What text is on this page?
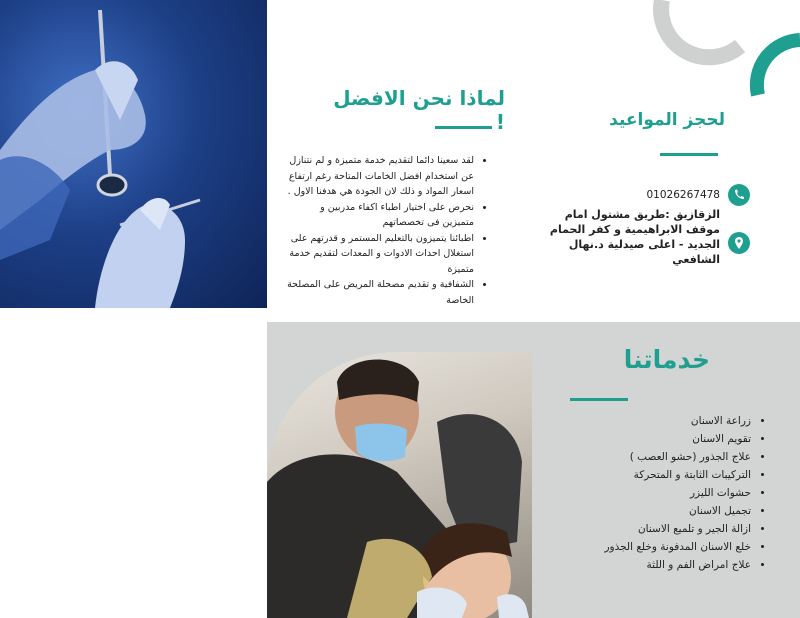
لماذا نحن الافضل !
• لقد سعينا دائما لتقديم خدمة متميزة و لم نتنازل عن استخدام افضل الخامات المتاحة رغم ارتفاع اسعار المواد و ذلك لان الجودة هي هدفنا الاول .
• نحرص على اختيار اطباء اكفاء مدربين و متميزين فى تخصصاتهم
• اطبائنا يتميزون بالتعليم المستمر و قدرتهم على استغلال احداث الادوات و المعدات لتقديم خدمة متميزة
• الشفافية و تقديم مصحلة المريض على المصلحة الخاصة
لحجز المواعيد
01026267478
الزقازيق :طريق مشتول امام موقف الابراهيمية و كفر الحمام الجديد - اعلى صيدلية د.نهال الشافعي
خدماتنا
• زراعة الاسنان
• تقويم الاسنان
• علاج الجذور (حشو العصب )
• التركيبات الثابتة و المتحركة
• حشوات الليزر
• تجميل الاسنان
• ازالة الجير و تلميع الاسنان
• خلع الاسنان المدفونة وخلع الجذور
• علاج امراض الفم و اللثة
